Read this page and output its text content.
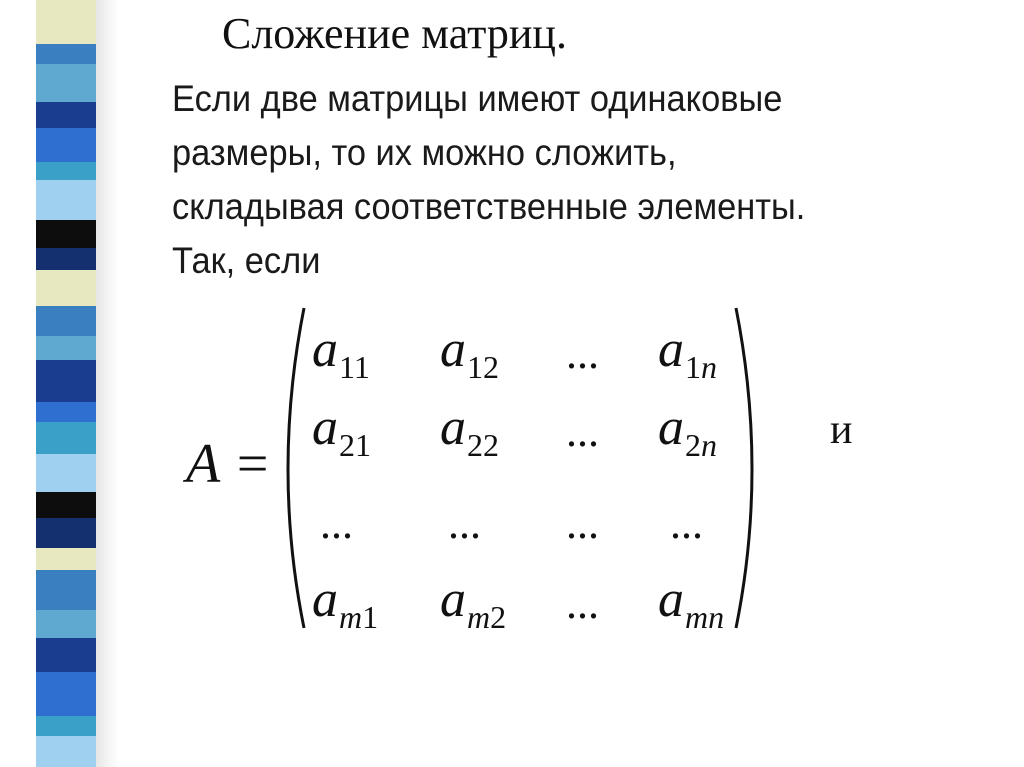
Сложение матриц.
Если две матрицы имеют одинаковые
размеры, то их можно сложить,
складывая соответственные элементы.
Так, если
A =
$a_{11}$ $a_{12}$ ... $a_{1n}$
$a_{21}$ $a_{22}$ ... $a_{2n}$
... ... ... ...
$a_{m1}$ $a_{m2}$ ... $a_{mn}$
и
